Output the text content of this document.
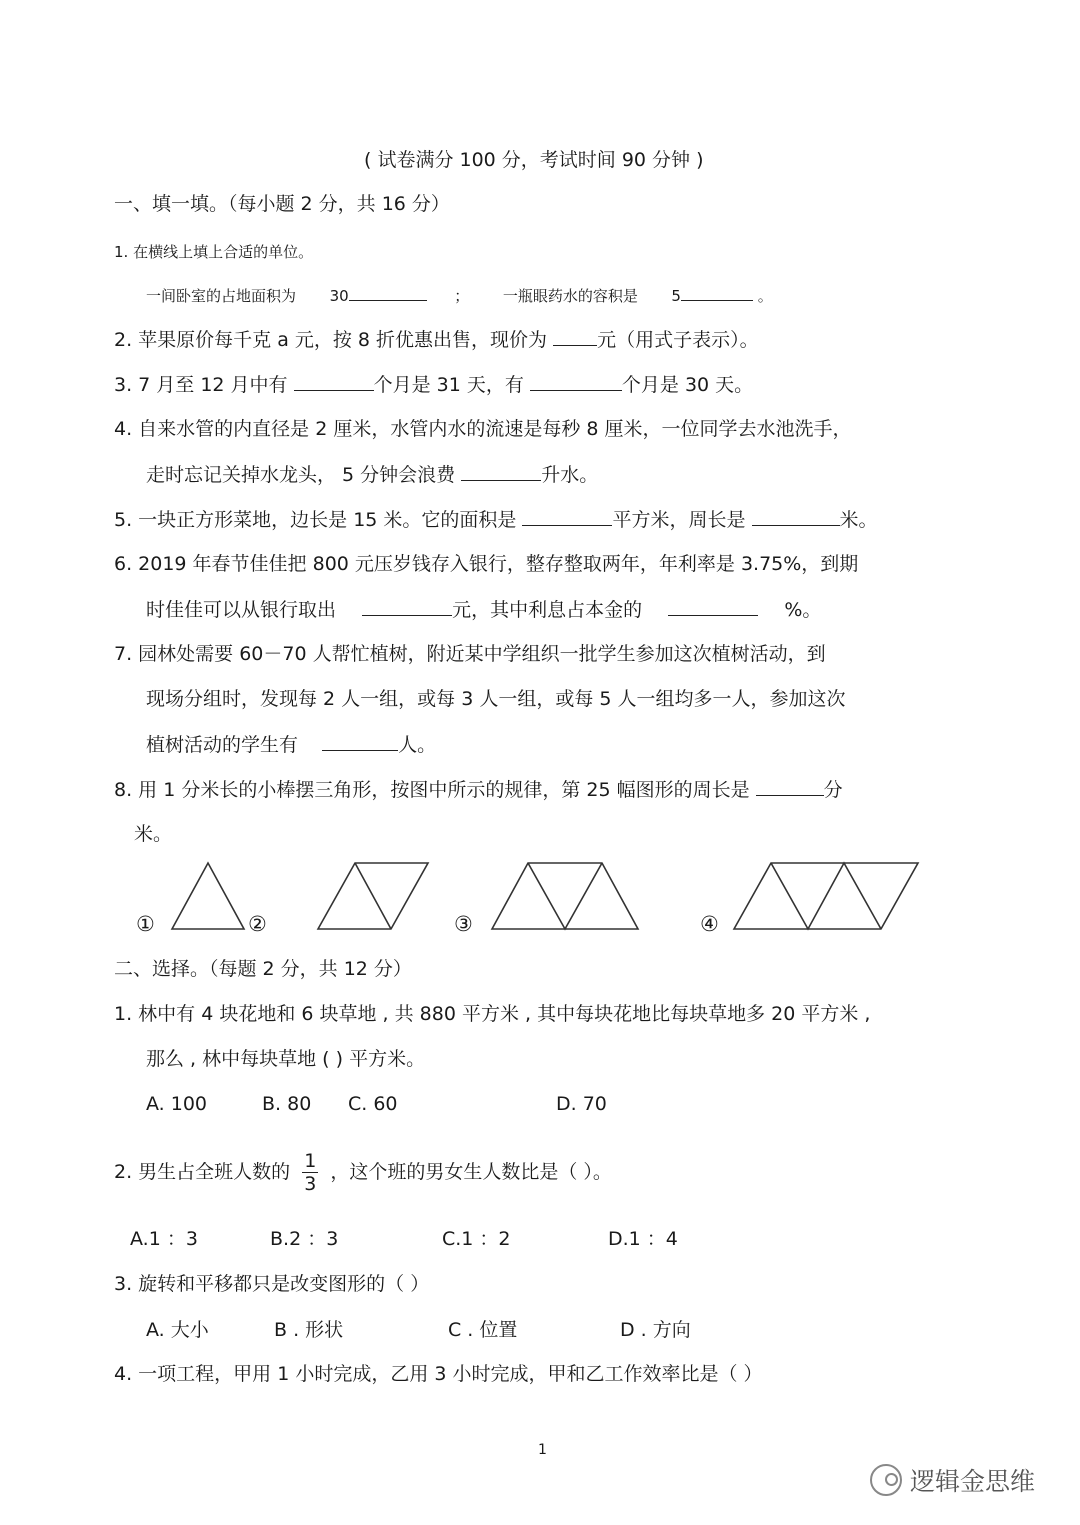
( 试卷满分 100 分，考试时间 90 分钟 )
一、填一填。（每小题 2 分，共 16 分）
1. 在横线上填上合适的单位。
一间卧室的占地面积为 30	； 一瓶眼药水的容积是 5	。
2. 苹果原价每千克 a 元，按 8 折优惠出售，现价为	元（用式子表示）。
3. 7 月至 12 月中有	个月是 31 天，有	个月是 30 天。
4. 自来水管的内直径是 2 厘米，水管内水的流速是每秒 8 厘米，一位同学去水池洗手，
走时忘记关掉水龙头， 5 分钟会浪费	升水。
5. 一块正方形菜地，边长是 15 米。它的面积是	平方米，周长是	米。
6. 2019 年春节佳佳把 800 元压岁钱存入银行，整存整取两年，年利率是 3.75%，到期
时佳佳可以从银行取出	元，其中利息占本金的	%。
7. 园林处需要 60－70 人帮忙植树，附近某中学组织一批学生参加这次植树活动，到
现场分组时，发现每 2 人一组，或每 3 人一组，或每 5 人一组均多一人，参加这次
植树活动的学生有	人。
8. 用 1 分米长的小棒摆三角形，按图中所示的规律，第 25 幅图形的周长是	分
米。
①	②	③	④
二、选择。（每题 2 分，共 12 分）
1. 林中有 4 块花地和 6 块草地 , 共 880 平方米 , 其中每块花地比每块草地多 20 平方米 ,
那么 , 林中每块草地 ( ) 平方米。
A. 100	B. 80 C. 60	D. 70
2. 男生占全班人数的 $\frac{1}{3}$ ，这个班的男女生人数比是（ ）。
A.1 ：3	B.2 ：3	C.1 ：2	D.1 ：4
3. 旋转和平移都只是改变图形的（ ）
A. 大小	B . 形状	C . 位置	D . 方向
4. 一项工程，甲用 1 小时完成，乙用 3 小时完成，甲和乙工作效率比是（ ）
1
逻辑金思维
